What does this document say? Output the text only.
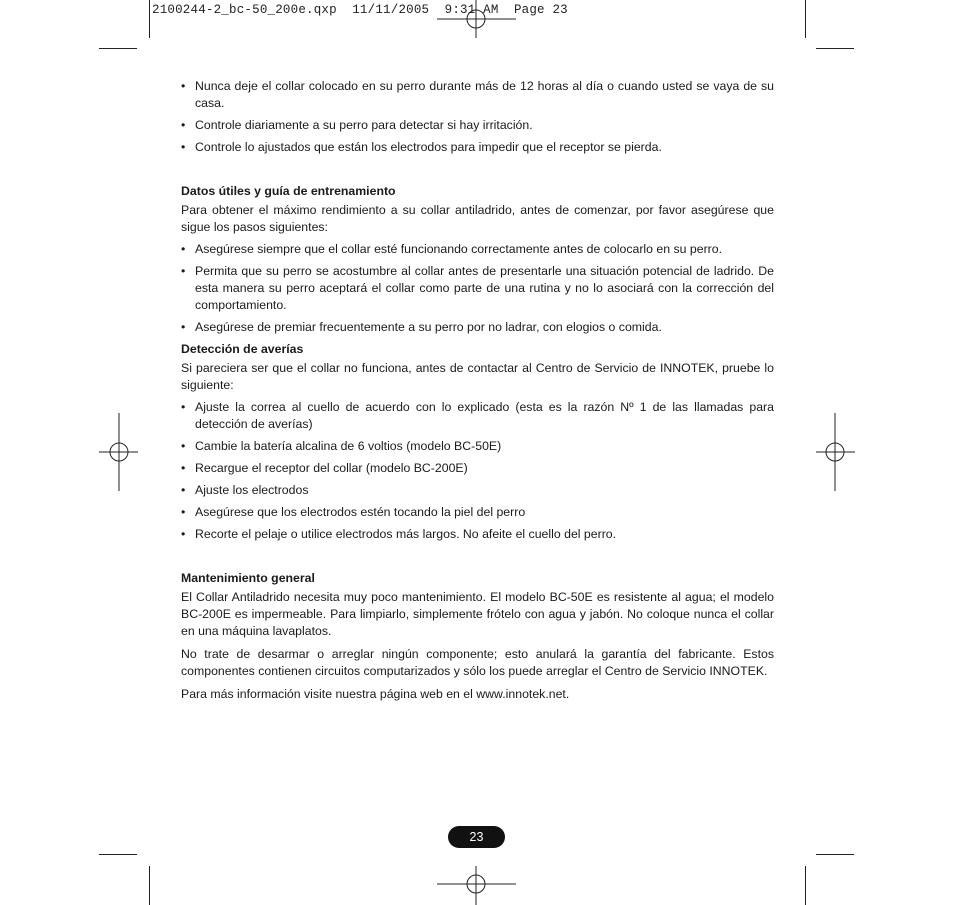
2100244-2_bc-50_200e.qxp  11/11/2005  9:31 AM  Page 23
• Nunca deje el collar colocado en su perro durante más de 12 horas al día o cuando usted se vaya de su casa.
• Controle diariamente a su perro para detectar si hay irritación.
• Controle lo ajustados que están los electrodos para impedir que el receptor se pierda.
Datos útiles y guía de entrenamiento

Para obtener el máximo rendimiento a su collar antiladrido, antes de comenzar, por favor asegúrese que sigue los pasos siguientes:

• Asegúrese siempre que el collar esté funcionando correctamente antes de colocarlo en su perro.
• Permita que su perro se acostumbre al collar antes de presentarle una situación potencial de ladrido. De esta manera su perro aceptará el collar como parte de una rutina y no lo asociará con la corrección del comportamiento.
• Asegúrese de premiar frecuentemente a su perro por no ladrar, con elogios o comida.
Detección de averías

Si pareciera ser que el collar no funciona, antes de contactar al Centro de Servicio de INNOTEK, pruebe lo siguiente:

• Ajuste la correa al cuello de acuerdo con lo explicado (esta es la razón Nº 1 de las llamadas para detección de averías)
• Cambie la batería alcalina de 6 voltios (modelo BC-50E)
• Recargue el receptor del collar (modelo BC-200E)
• Ajuste los electrodos
• Asegúrese que los electrodos estén tocando la piel del perro
• Recorte el pelaje o utilice electrodos más largos. No afeite el cuello del perro.
Mantenimiento general

El Collar Antiladrido necesita muy poco mantenimiento. El modelo BC-50E es resistente al agua; el modelo BC-200E es impermeable. Para limpiarlo, simplemente frótelo con agua y jabón. No coloque nunca el collar en una máquina lavaplatos.

No trate de desarmar o arreglar ningún componente; esto anulará la garantía del fabricante. Estos componentes contienen circuitos computarizados y sólo los puede arreglar el Centro de Servicio INNOTEK.

Para más información visite nuestra página web en el www.innotek.net.

23
